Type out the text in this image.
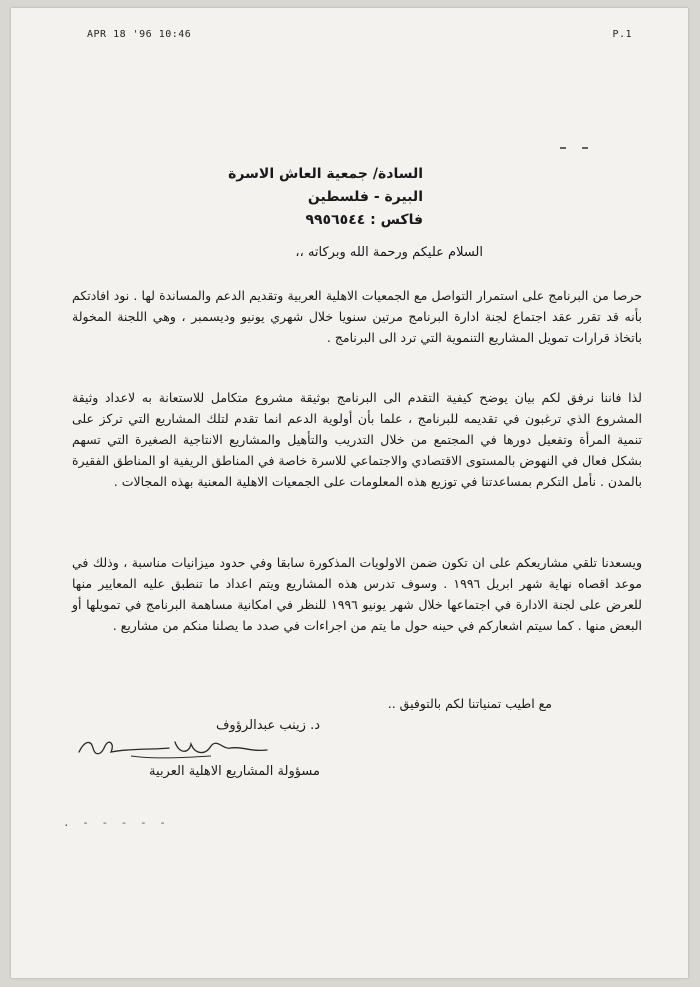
APR 18 '96 10:46	P.1
السادة/ جمعية العاش الاسرة
البيرة - فلسطين
فاكس : ٩٩٥٦٥٤٤
السلام عليكم ورحمة الله وبركاته ،،
حرصا من البرنامج على استمرار التواصل مع الجمعيات الاهلية العربية وتقديم الدعم والمساندة لها . نود افادتكم بأنه قد تقرر عقد اجتماع لجنة ادارة البرنامج مرتين سنويا خلال شهري يونيو وديسمبر ، وهي اللجنة المخولة باتخاذ قرارات تمويل المشاريع التنموية التي ترد الى البرنامج .
لذا فاننا نرفق لكم بيان يوضح كيفية التقدم الى البرنامج بوثيقة مشروع متكامل للاستعانة به لاعداد وثيقة المشروع الذي ترغبون في تقديمه للبرنامج ، علما بأن أولوية الدعم انما تقدم لتلك المشاريع التي تركز على تنمية المرأة وتفعيل دورها في المجتمع من خلال التدريب والتأهيل والمشاريع الانتاجية الصغيرة التي تسهم بشكل فعال في النهوض بالمستوى الاقتصادي والاجتماعي للاسرة خاصة في المناطق الريفية او المناطق الفقيرة بالمدن . نأمل التكرم بمساعدتنا في توزيع هذه المعلومات على الجمعيات الاهلية المعنية بهذه المجالات .
ويسعدنا تلقي مشاريعكم على ان تكون ضمن الاولويات المذكورة سابقا وفي حدود ميزانيات مناسبة ، وذلك في موعد اقصاه نهاية شهر ابريل ١٩٩٦ . وسوف تدرس هذه المشاريع ويتم اعداد ما تنطبق عليه المعايير منها للعرض على لجنة الادارة في اجتماعها خلال شهر يونيو ١٩٩٦ للنظر في امكانية مساهمة البرنامج في تمويلها أو البعض منها . كما سيتم اشعاركم في حينه حول ما يتم من اجراءات في صدد ما يصلنا منكم من مشاريع .
مع اطيب تمنياتنا لكم بالتوفيق ..
د. زينب عبدالرؤوف
مسؤولة المشاريع الاهلية العربية
. - - - - -
